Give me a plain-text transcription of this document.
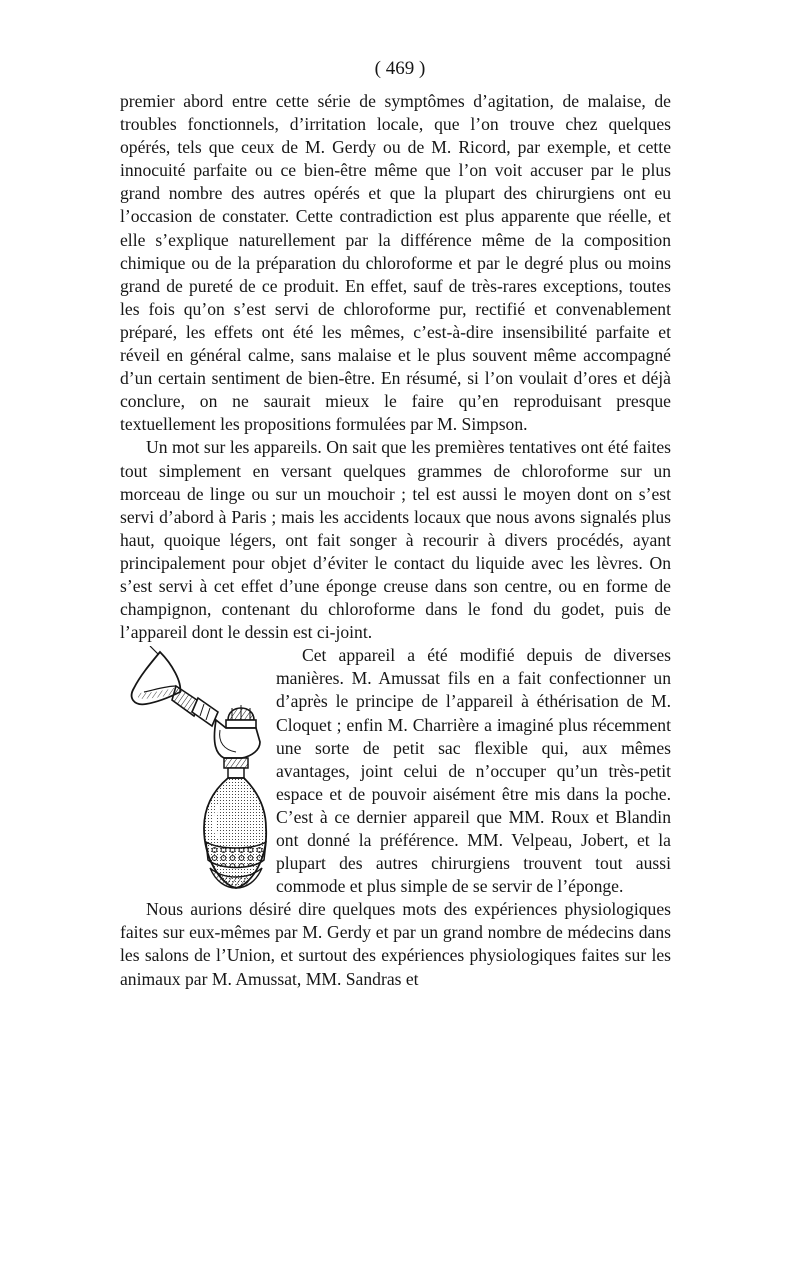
( 469 )

premier abord entre cette série de symptômes d’agitation, de malaise, de troubles fonctionnels, d’irritation locale, que l’on trouve chez quelques opérés, tels que ceux de M. Gerdy ou de M. Ricord, par exemple, et cette innocuité parfaite ou ce bien-être même que l’on voit accuser par le plus grand nombre des autres opérés et que la plupart des chirurgiens ont eu l’occasion de constater. Cette contradiction est plus apparente que réelle, et elle s’explique naturellement par la différence même de la composition chimique ou de la préparation du chloroforme et par le degré plus ou moins grand de pureté de ce produit. En effet, sauf de très-rares exceptions, toutes les fois qu’on s’est servi de chloroforme pur, rectifié et convenablement préparé, les effets ont été les mêmes, c’est-à-dire insensibilité parfaite et réveil en général calme, sans malaise et le plus souvent même accompagné d’un certain sentiment de bien-être. En résumé, si l’on voulait d’ores et déjà conclure, on ne saurait mieux le faire qu’en reproduisant presque textuellement les propositions formulées par M. Simpson.

Un mot sur les appareils. On sait que les premières tentatives ont été faites tout simplement en versant quelques grammes de chloroforme sur un morceau de linge ou sur un mouchoir ; tel est aussi le moyen dont on s’est servi d’abord à Paris ; mais les accidents locaux que nous avons signalés plus haut, quoique légers, ont fait songer à recourir à divers procédés, ayant principalement pour objet d’éviter le contact du liquide avec les lèvres. On s’est servi à cet effet d’une éponge creuse dans son centre, ou en forme de champignon, contenant du chloroforme dans le fond du godet, puis de l’appareil dont le dessin est ci-joint.

Cet appareil a été modifié depuis de diverses manières. M. Amussat fils en a fait confectionner un d’après le principe de l’appareil à éthérisation de M. Cloquet ; enfin M. Charrière a imaginé plus récemment une sorte de petit sac flexible qui, aux mêmes avantages, joint celui de n’occuper qu’un très-petit espace et de pouvoir aisément être mis dans la poche. C’est à ce dernier appareil que MM. Roux et Blandin ont donné la préférence. MM. Velpeau, Jobert, et la plupart des autres chirurgiens trouvent tout aussi commode et plus simple de se servir de l’éponge.

Nous aurions désiré dire quelques mots des expériences physiologiques faites sur eux-mêmes par M. Gerdy et par un grand nombre de médecins dans les salons de l’Union, et surtout des expériences physiologiques faites sur les animaux par M. Amussat, MM. Sandras et
